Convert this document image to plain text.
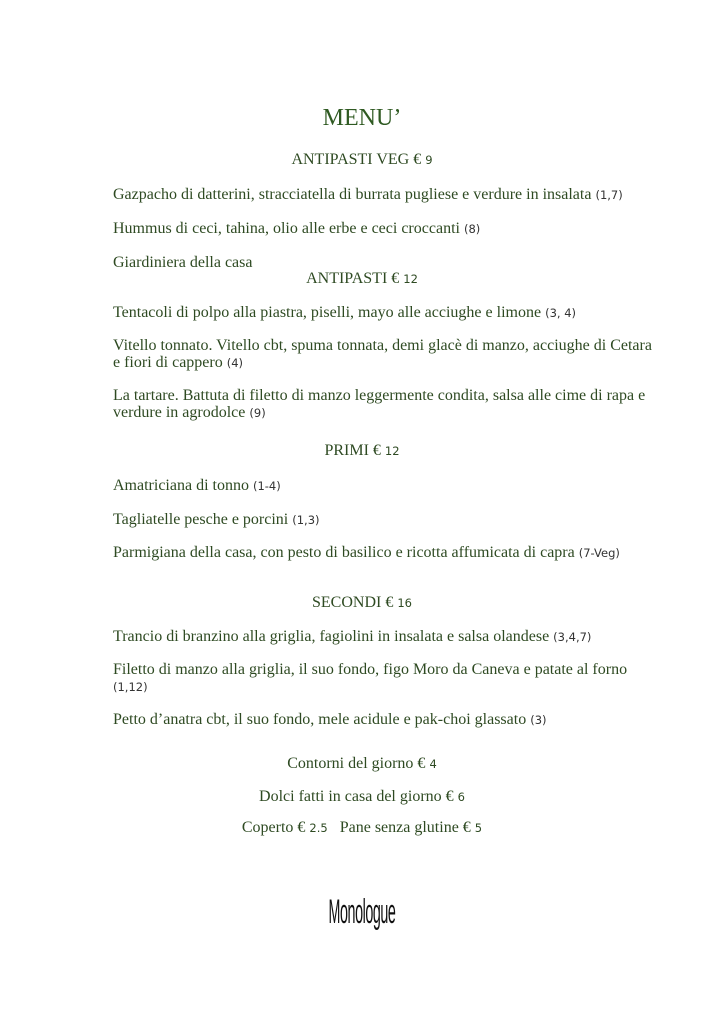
MENU’
ANTIPASTI VEG € 9
Gazpacho di datterini, stracciatella di burrata pugliese e verdure in insalata (1,7)
Hummus di ceci, tahina, olio alle erbe e ceci croccanti (8)
Giardiniera della casa
ANTIPASTI € 12
Tentacoli di polpo alla piastra, piselli, mayo alle acciughe e limone (3, 4)
Vitello tonnato. Vitello cbt, spuma tonnata, demi glacè di manzo, acciughe di Cetara e fiori di cappero (4)
La tartare. Battuta di filetto di manzo leggermente condita, salsa alle cime di rapa e verdure in agrodolce (9)
PRIMI € 12
Amatriciana di tonno (1-4)
Tagliatelle pesche e porcini (1,3)
Parmigiana della casa, con pesto di basilico e ricotta affumicata di capra (7-Veg)
SECONDI € 16
Trancio di branzino alla griglia, fagiolini in insalata e salsa olandese (3,4,7)
Filetto di manzo alla griglia, il suo fondo, figo Moro da Caneva e patate al forno (1,12)
Petto d’anatra cbt, il suo fondo, mele acidule e pak-choi glassato (3)
Contorni del giorno € 4
Dolci fatti in casa del giorno € 6
Coperto € 2.5 Pane senza glutine € 5
Monologue
